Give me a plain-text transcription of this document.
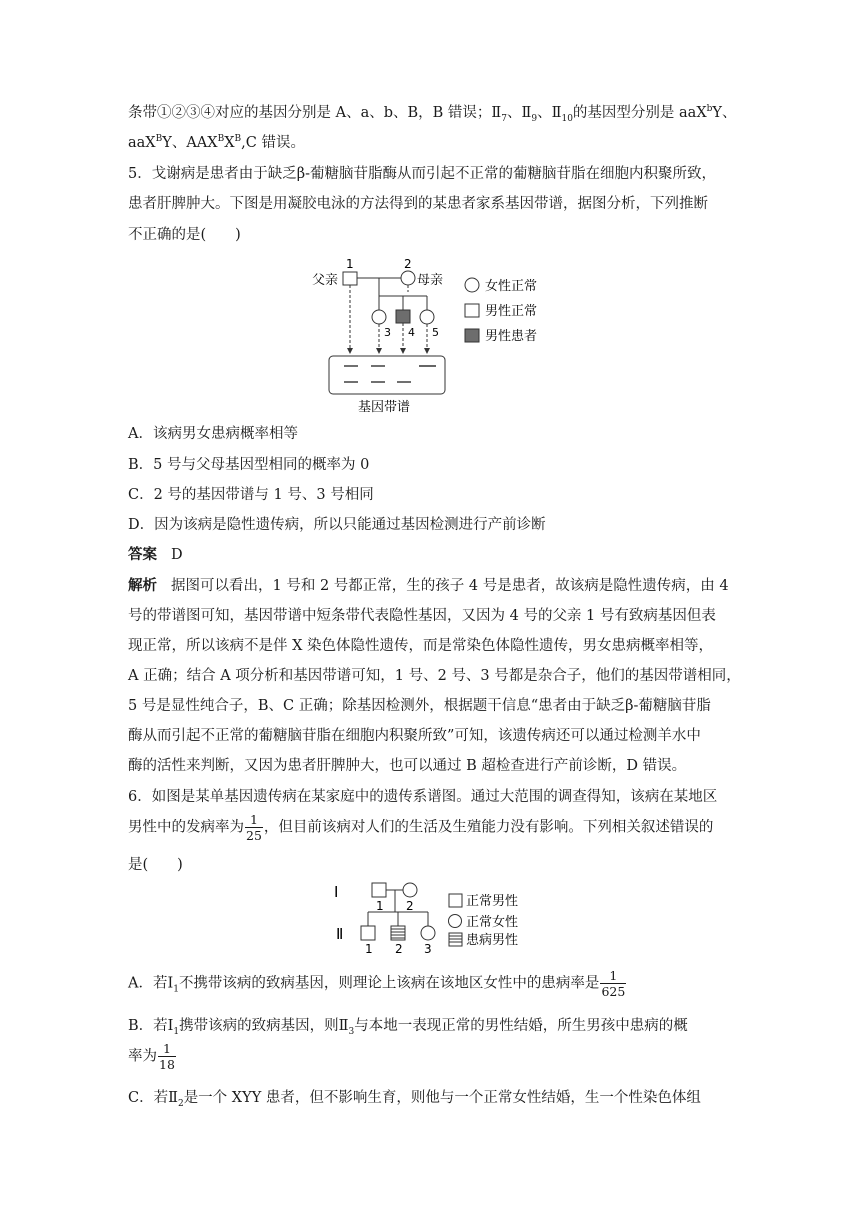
条带①②③④对应的基因分别是 A、a、b、B，B 错误；$Ⅱ_7$、$Ⅱ_9$、$Ⅱ_{10}$的基因型分别是 aaX$^b$Y、
aaX$^B$Y、$AAX^BX^B,C$ 错误。
5．戈谢病是患者由于缺乏β-葡糖脑苷脂酶从而引起不正常的葡糖脑苷脂在细胞内积聚所致，
患者肝脾肿大。下图是用凝胶电泳的方法得到的某患者家系基因带谱，据图分析，下列推断
不正确的是(　　)
父亲
1	2
母亲
3 4 5
基因带谱
女性正常
男性正常
男性患者
A．该病男女患病概率相等
B．5 号与父母基因型相同的概率为 0
C．2 号的基因带谱与 1 号、3 号相同
D．因为该病是隐性遗传病，所以只能通过基因检测进行产前诊断
答案 D
解析 据图可以看出，1 号和 2 号都正常，生的孩子 4 号是患者，故该病是隐性遗传病，由 4
号的带谱图可知，基因带谱中短条带代表隐性基因，又因为 4 号的父亲 1 号有致病基因但表
现正常，所以该病不是伴 X 染色体隐性遗传，而是常染色体隐性遗传，男女患病概率相等，
A 正确；结合 A 项分析和基因带谱可知，1 号、2 号、3 号都是杂合子，他们的基因带谱相同，
5 号是显性纯合子，B、C 正确；除基因检测外，根据题干信息“患者由于缺乏β-葡糖脑苷脂
酶从而引起不正常的葡糖脑苷脂在细胞内积聚所致”可知，该遗传病还可以通过检测羊水中
酶的活性来判断，又因为患者肝脾肿大，也可以通过 B 超检查进行产前诊断，D 错误。
6．如图是某单基因遗传病在某家庭中的遗传系谱图。通过大范围的调查得知，该病在某地区
男性中的发病率为 $\frac{1}{25}$ ，但目前该病对人们的生活及生殖能力没有影响。下列相关叙述错误的
是(　　)
Ⅰ
1 2
Ⅱ
1 2 3
正常男性
正常女性
患病男性
A．若$Ⅰ_1$不携带该病的致病基因，则理论上该病在该地区女性中的患病率是 $\frac{1}{625}$
B．若$Ⅰ_1$携带该病的致病基因，则$Ⅱ_3$与本地一表现正常的男性结婚，所生男孩中患病的概
率为 $\frac{1}{18}$
C．若$Ⅱ_2$是一个 XYY 患者，但不影响生育，则他与一个正常女性结婚，生一个性染色体组
